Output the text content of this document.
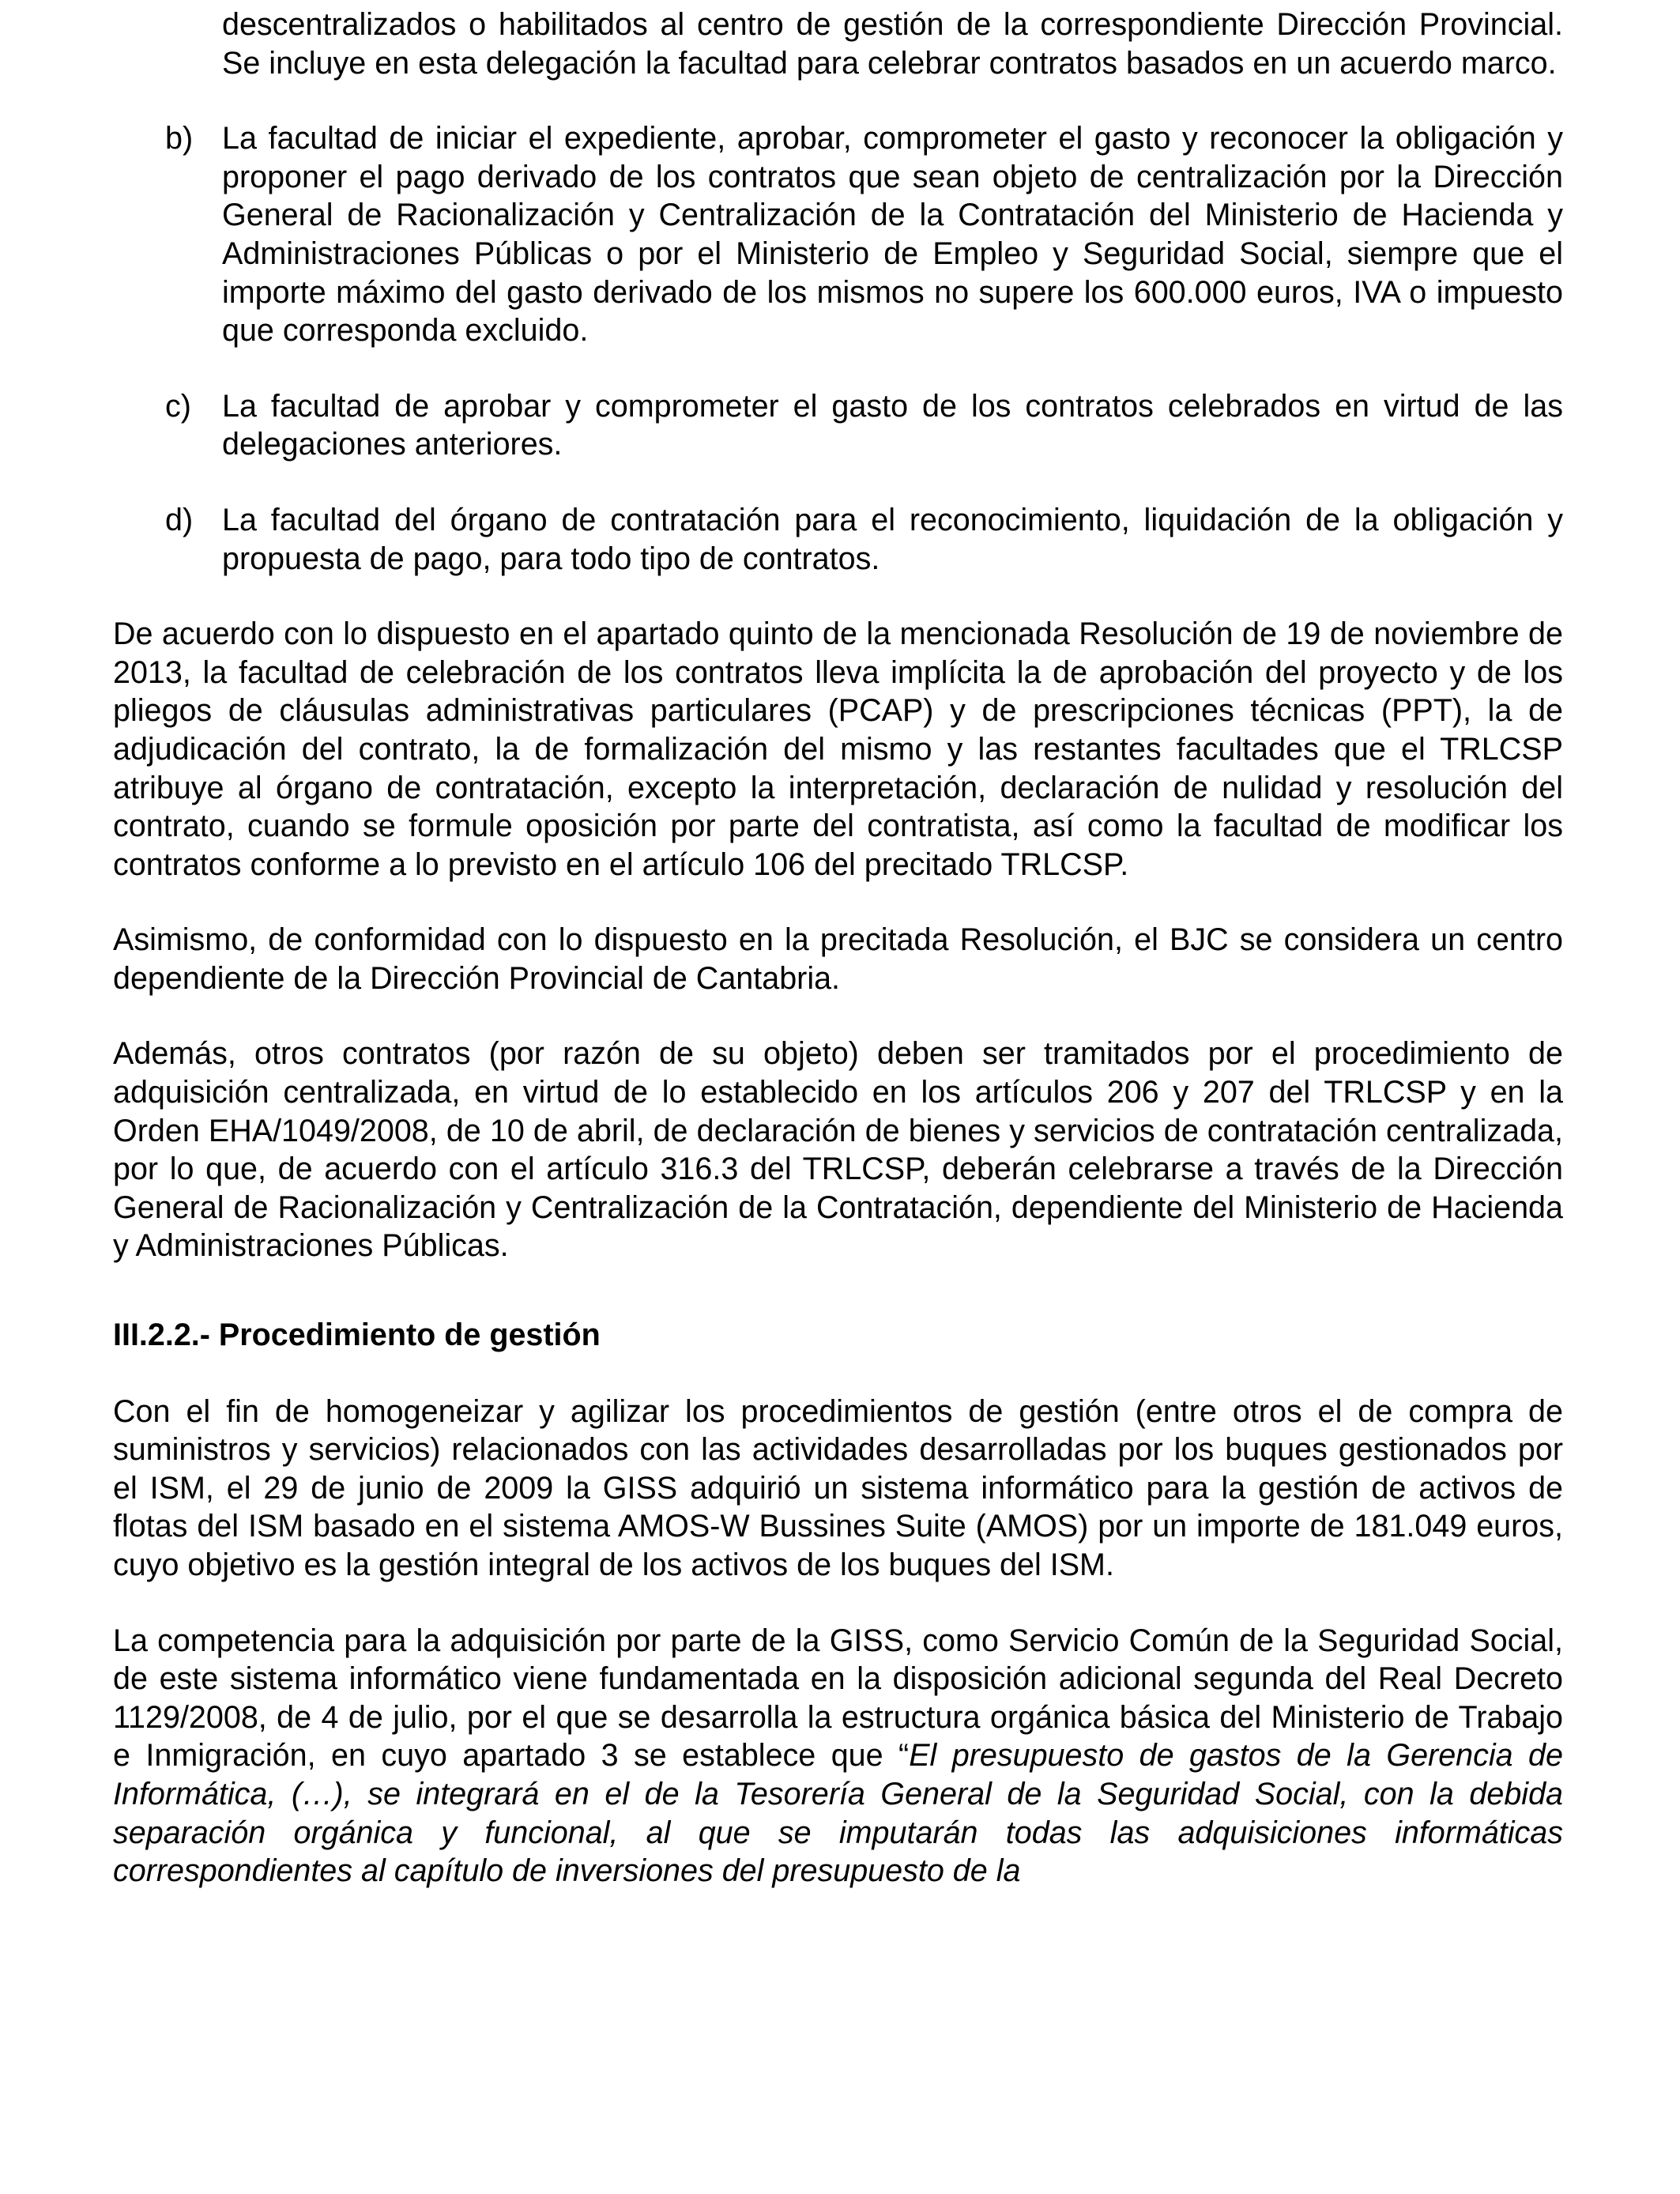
descentralizados o habilitados al centro de gestión de la correspondiente Dirección Provincial. Se incluye en esta delegación la facultad para celebrar contratos basados en un acuerdo marco.

b) La facultad de iniciar el expediente, aprobar, comprometer el gasto y reconocer la obligación y proponer el pago derivado de los contratos que sean objeto de centralización por la Dirección General de Racionalización y Centralización de la Contratación del Ministerio de Hacienda y Administraciones Públicas o por el Ministerio de Empleo y Seguridad Social, siempre que el importe máximo del gasto derivado de los mismos no supere los 600.000 euros, IVA o impuesto que corresponda excluido.
c) La facultad de aprobar y comprometer el gasto de los contratos celebrados en virtud de las delegaciones anteriores.
d) La facultad del órgano de contratación para el reconocimiento, liquidación de la obligación y propuesta de pago, para todo tipo de contratos.

De acuerdo con lo dispuesto en el apartado quinto de la mencionada Resolución de 19 de noviembre de 2013, la facultad de celebración de los contratos lleva implícita la de aprobación del proyecto y de los pliegos de cláusulas administrativas particulares (PCAP) y de prescripciones técnicas (PPT), la de adjudicación del contrato, la de formalización del mismo y las restantes facultades que el TRLCSP atribuye al órgano de contratación, excepto la interpretación, declaración de nulidad y resolución del contrato, cuando se formule oposición por parte del contratista, así como la facultad de modificar los contratos conforme a lo previsto en el artículo 106 del precitado TRLCSP.

Asimismo, de conformidad con lo dispuesto en la precitada Resolución, el BJC se considera un centro dependiente de la Dirección Provincial de Cantabria.

Además, otros contratos (por razón de su objeto) deben ser tramitados por el procedimiento de adquisición centralizada, en virtud de lo establecido en los artículos 206 y 207 del TRLCSP y en la Orden EHA/1049/2008, de 10 de abril, de declaración de bienes y servicios de contratación centralizada, por lo que, de acuerdo con el artículo 316.3 del TRLCSP, deberán celebrarse a través de la Dirección General de Racionalización y Centralización de la Contratación, dependiente del Ministerio de Hacienda y Administraciones Públicas.

III.2.2.- Procedimiento de gestión

Con el fin de homogeneizar y agilizar los procedimientos de gestión (entre otros el de compra de suministros y servicios) relacionados con las actividades desarrolladas por los buques gestionados por el ISM, el 29 de junio de 2009 la GISS adquirió un sistema informático para la gestión de activos de flotas del ISM basado en el sistema AMOS-W Bussines Suite (AMOS) por un importe de 181.049 euros, cuyo objetivo es la gestión integral de los activos de los buques del ISM.

La competencia para la adquisición por parte de la GISS, como Servicio Común de la Seguridad Social, de este sistema informático viene fundamentada en la disposición adicional segunda del Real Decreto 1129/2008, de 4 de julio, por el que se desarrolla la estructura orgánica básica del Ministerio de Trabajo e Inmigración, en cuyo apartado 3 se establece que “El presupuesto de gastos de la Gerencia de Informática, (…), se integrará en el de la Tesorería General de la Seguridad Social, con la debida separación orgánica y funcional, al que se imputarán todas las adquisiciones informáticas correspondientes al capítulo de inversiones del presupuesto de la
